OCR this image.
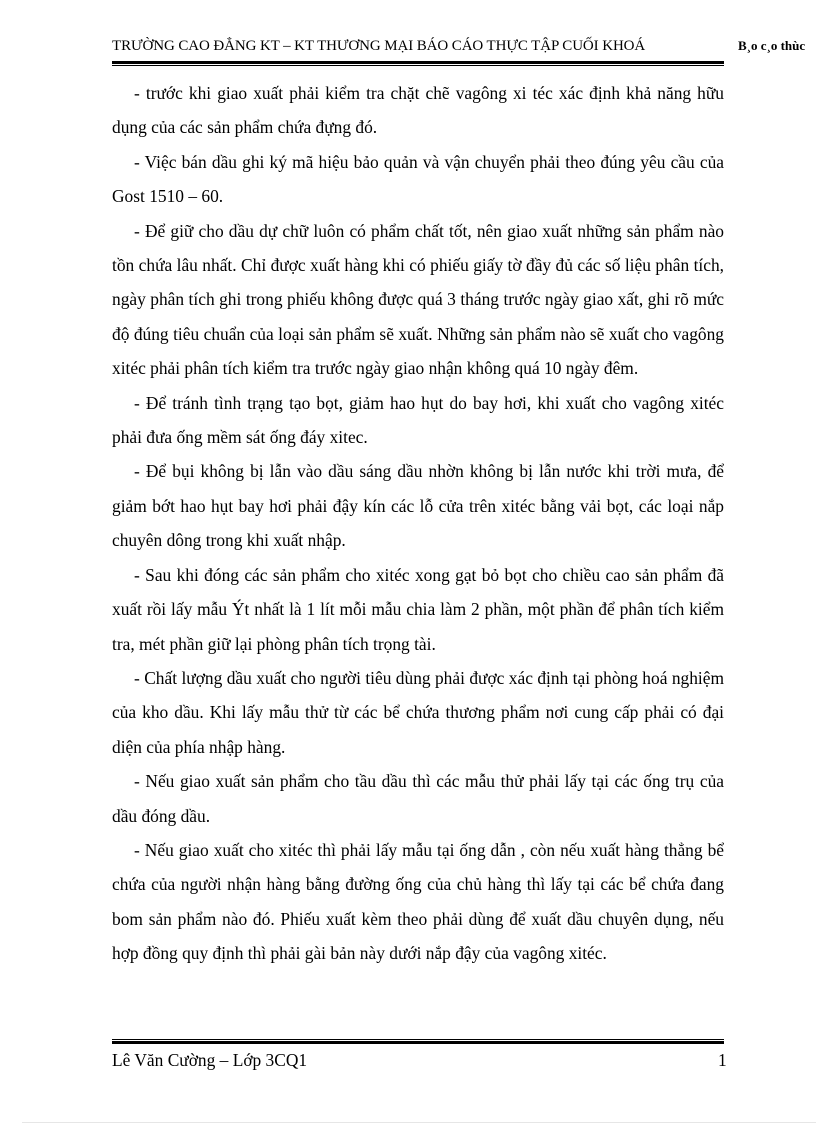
TRƯỜNG CAO ĐẲNG KT – KT THƯƠNG MẠI BÁO CÁO THỰC TẬP CUỐI KHOÁ	B¸o c¸o thùc

- trước khi giao xuất phải kiểm tra chặt chẽ vagông xi téc xác định khả năng hữu dụng của các sản phẩm chứa đựng đó.

- Việc bán dầu ghi ký mã hiệu bảo quản và vận chuyển phải theo đúng yêu cầu của Gost 1510 – 60.

- Để giữ cho dầu dự chữ luôn có phẩm chất tốt, nên giao xuất những sản phẩm nào tồn chứa lâu nhất. Chỉ được xuất hàng khi có phiếu giấy tờ đầy đủ các số liệu phân tích, ngày phân tích ghi trong phiếu không được quá 3 tháng trước ngày giao xất, ghi rõ mức độ đúng tiêu chuẩn của loại sản phẩm sẽ xuất. Những sản phẩm nào sẽ xuất cho vagông xitéc phải phân tích kiểm tra trước ngày giao nhận không quá 10 ngày đêm.

- Để tránh tình trạng tạo bọt, giảm hao hụt do bay hơi, khi xuất cho vagông xitéc phải đưa ống mềm sát ống đáy xitec.

- Để bụi không bị lẫn vào dầu sáng dầu nhờn không bị lẫn nước khi trời mưa, để giảm bớt hao hụt bay hơi phải đậy kín các lỗ cửa trên xitéc bằng vải bọt, các loại nắp chuyên dông trong khi xuất nhập.

- Sau khi đóng các sản phẩm cho xitéc xong gạt bỏ bọt cho chiều cao sản phẩm đã xuất rồi lấy mẫu Ýt nhất là 1 lít mỗi mẫu chia làm 2 phần, một phần để phân tích kiểm tra, mét phần giữ lại phòng phân tích trọng tài.

- Chất lượng dầu xuất cho người tiêu dùng phải được xác định tại phòng hoá nghiệm của kho dầu. Khi lấy mẫu thử từ các bể chứa thương phẩm nơi cung cấp phải có đại diện của phía nhập hàng.

- Nếu giao xuất sản phẩm cho tầu dầu thì các mẫu thử phải lấy tại các ống trụ của dầu đóng dầu.

- Nếu giao xuất cho xitéc thì phải lấy mẫu tại ống dẫn , còn nếu xuất hàng thẳng bể chứa của người nhận hàng bằng đường ống của chủ hàng thì lấy tại các bể chứa đang bom sản phẩm nào đó. Phiếu xuất kèm theo phải dùng để xuất dầu chuyên dụng, nếu hợp đồng quy định thì phải gài bản này dưới nắp đậy của vagông xitéc.

Lê Văn Cường – Lớp 3CQ1	1
